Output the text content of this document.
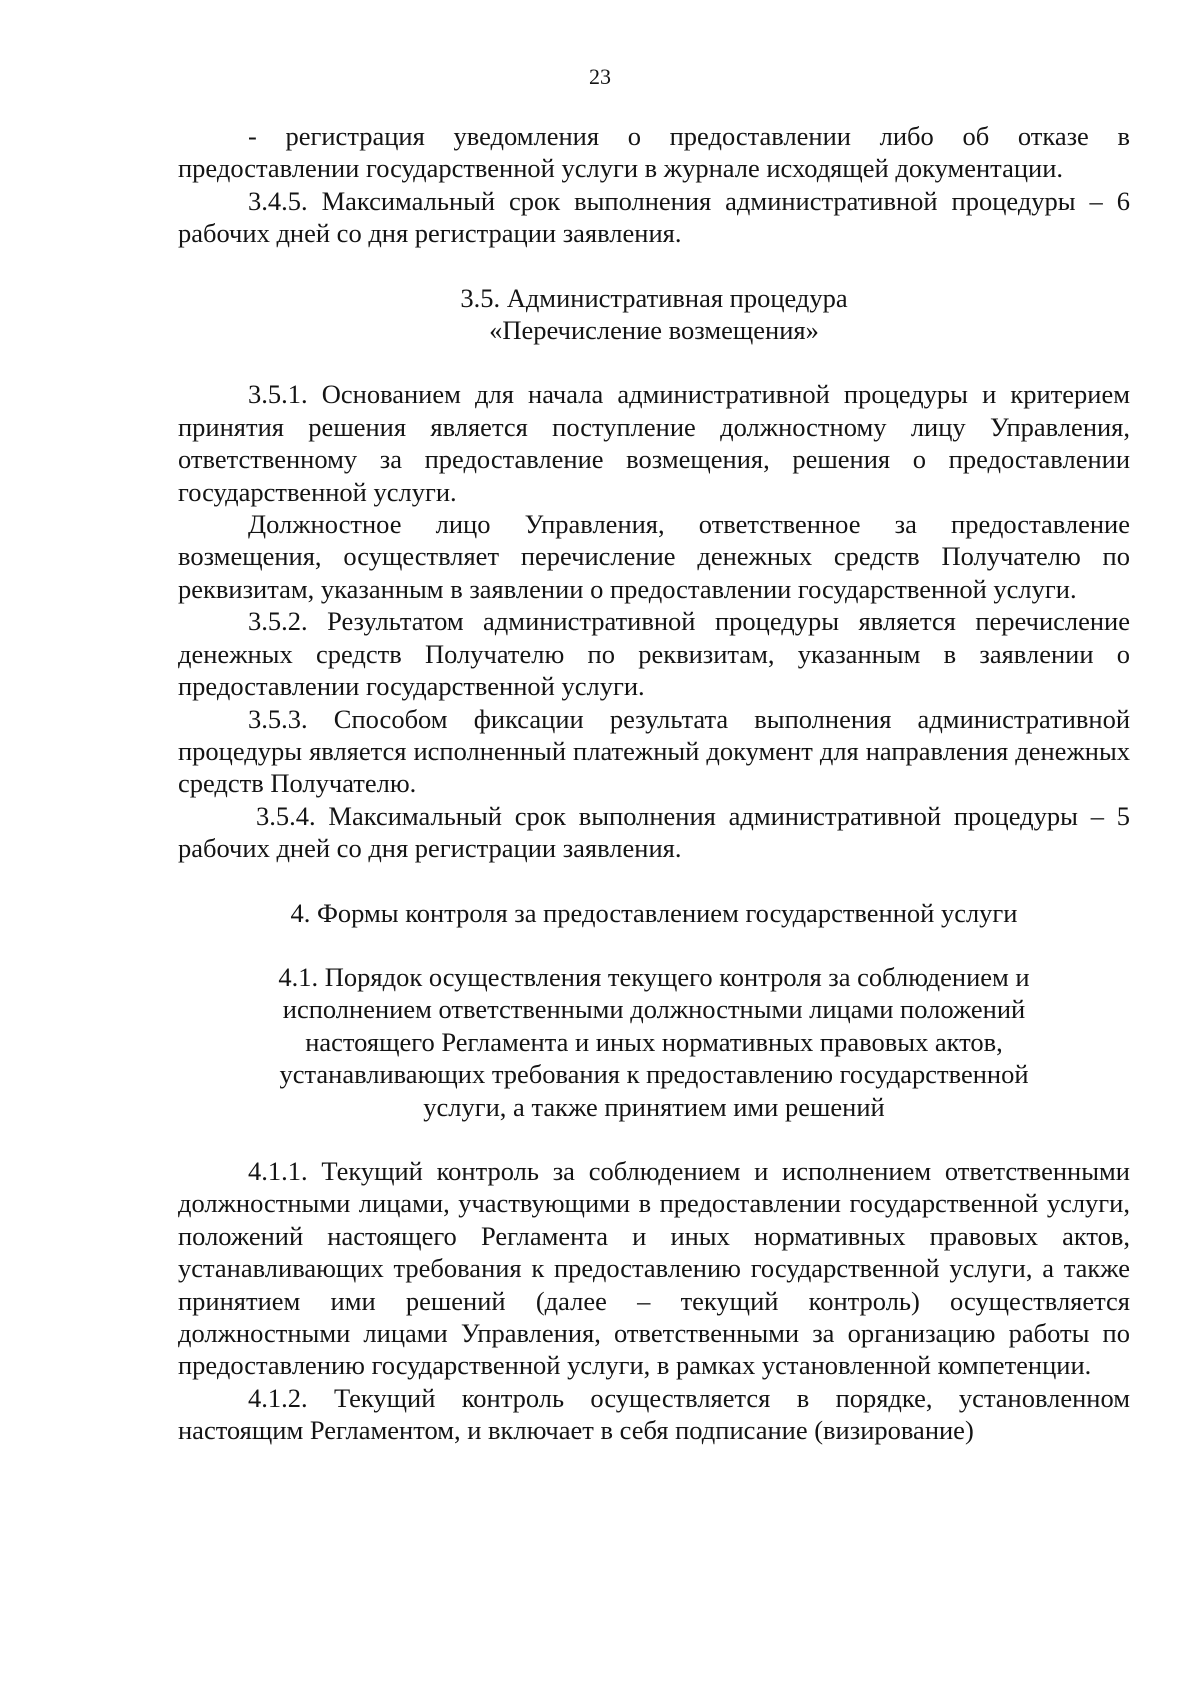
23

- регистрация уведомления о предоставлении либо об отказе в предоставлении государственной услуги в журнале исходящей документации.

3.4.5. Максимальный срок выполнения административной процедуры – 6 рабочих дней со дня регистрации заявления.

3.5. Административная процедура
«Перечисление возмещения»

3.5.1. Основанием для начала административной процедуры и критерием принятия решения является поступление должностному лицу Управления, ответственному за предоставление возмещения, решения о предоставлении государственной услуги.

Должностное лицо Управления, ответственное за предоставление возмещения, осуществляет перечисление денежных средств Получателю по реквизитам, указанным в заявлении о предоставлении государственной услуги.

3.5.2. Результатом административной процедуры является перечисление денежных средств Получателю по реквизитам, указанным в заявлении о предоставлении государственной услуги.

3.5.3. Способом фиксации результата выполнения административной процедуры является исполненный платежный документ для направления денежных средств Получателю.

3.5.4. Максимальный срок выполнения административной процедуры – 5 рабочих дней со дня регистрации заявления.

4. Формы контроля за предоставлением государственной услуги
4.1. Порядок осуществления текущего контроля за соблюдением и
исполнением ответственными должностными лицами положений
настоящего Регламента и иных нормативных правовых актов,
устанавливающих требования к предоставлению государственной
услуги, а также принятием ими решений

4.1.1. Текущий контроль за соблюдением и исполнением ответственными должностными лицами, участвующими в предоставлении государственной услуги, положений настоящего Регламента и иных нормативных правовых актов, устанавливающих требования к предоставлению государственной услуги, а также принятием ими решений (далее – текущий контроль) осуществляется должностными лицами Управления, ответственными за организацию работы по предоставлению государственной услуги, в рамках установленной компетенции.

4.1.2. Текущий контроль осуществляется в порядке, установленном настоящим Регламентом, и включает в себя подписание (визирование)
